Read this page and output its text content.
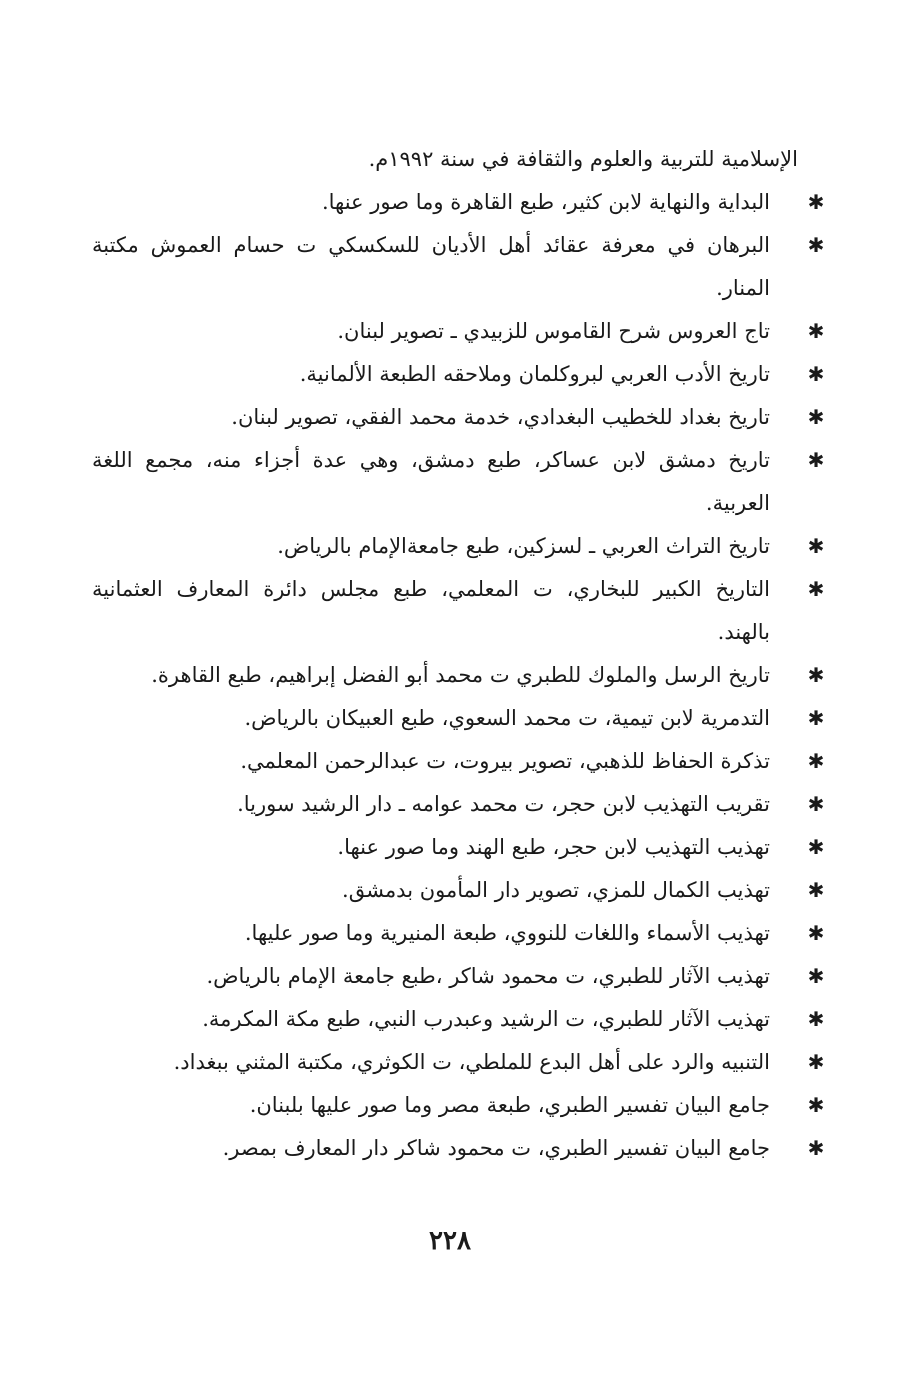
الإسلامية للتربية والعلوم والثقافة في سنة ١٩٩٢م.
✱
البداية والنهاية لابن كثير، طبع القاهرة وما صور عنها.
✱
البرهان في معرفة عقائد أهل الأديان للسكسكي ت حسام العموش مكتبة
المنار.
✱
تاج العروس شرح القاموس للزبيدي ـ تصوير لبنان.
✱
تاريخ الأدب العربي لبروكلمان وملاحقه الطبعة الألمانية.
✱
تاريخ بغداد للخطيب البغدادي، خدمة محمد الفقي، تصوير لبنان.
✱
تاريخ دمشق لابن عساكر، طبع دمشق، وهي عدة أجزاء منه، مجمع اللغة
العربية.
✱
تاريخ التراث العربي ـ لسزكين، طبع جامعةالإمام بالرياض.
✱
التاريخ الكبير للبخاري، ت المعلمي، طبع مجلس دائرة المعارف العثمانية
بالهند.
✱
تاريخ الرسل والملوك للطبري ت محمد أبو الفضل إبراهيم، طبع القاهرة.
✱
التدمرية لابن تيمية، ت محمد السعوي، طبع العبيكان بالرياض.
✱
تذكرة الحفاظ للذهبي، تصوير بيروت، ت عبدالرحمن المعلمي.
✱
تقريب التهذيب لابن حجر، ت محمد عوامه ـ دار الرشيد سوريا.
✱
تهذيب التهذيب لابن حجر، طبع الهند وما صور عنها.
✱
تهذيب الكمال للمزي، تصوير دار المأمون بدمشق.
✱
تهذيب الأسماء واللغات للنووي، طبعة المنيرية وما صور عليها.
✱
تهذيب الآثار للطبري، ت محمود شاكر ،طبع جامعة الإمام بالرياض.
✱
تهذيب الآثار للطبري، ت الرشيد وعبدرب النبي، طبع مكة المكرمة.
✱
التنبيه والرد على أهل البدع للملطي، ت الكوثري، مكتبة المثني ببغداد.
✱
جامع البيان تفسير الطبري، طبعة مصر وما صور عليها بلبنان.
✱
جامع البيان تفسير الطبري، ت محمود شاكر دار المعارف بمصر.
٢٢٨
